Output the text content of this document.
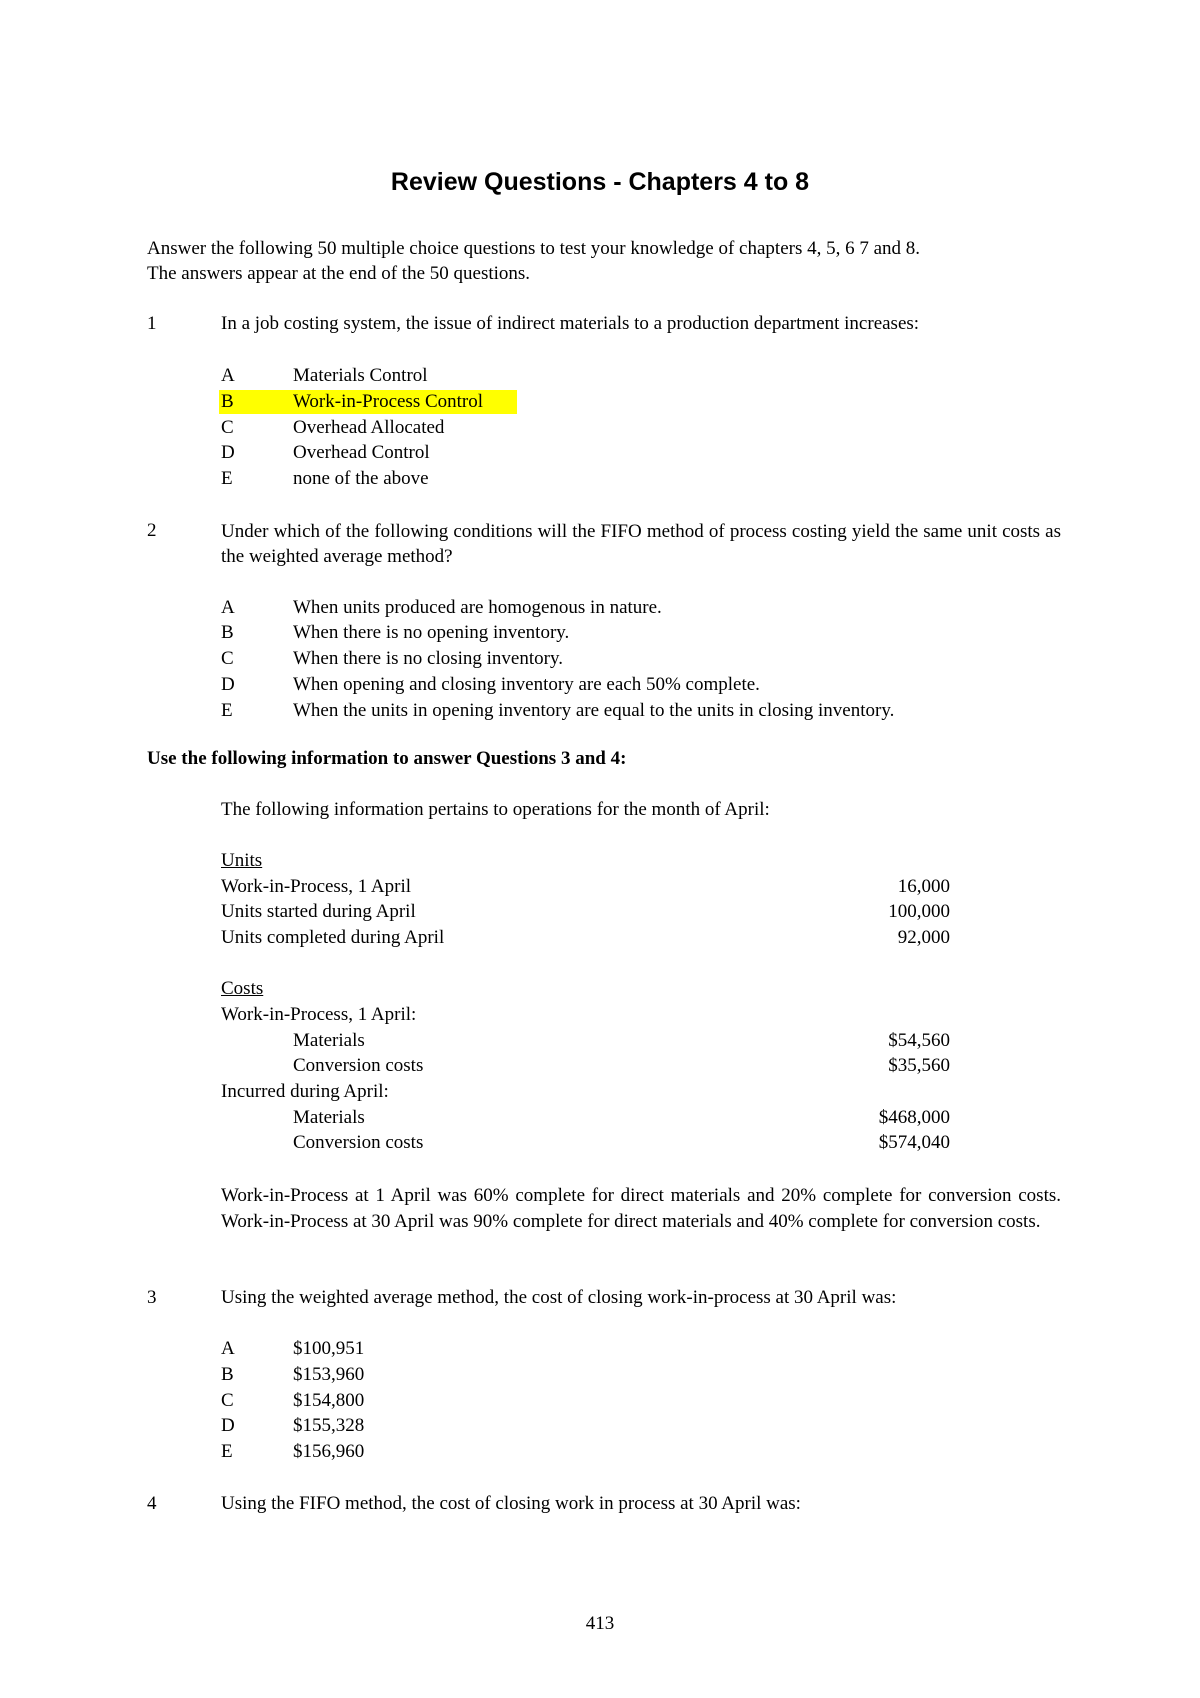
Review Questions - Chapters 4 to 8
Answer the following 50 multiple choice questions to test your knowledge of chapters 4, 5, 6 7 and 8.
The answers appear at the end of the 50 questions.
1	In a job costing system, the issue of indirect materials to a production department increases:
A	Materials Control
B	Work-in-Process Control
C	Overhead Allocated
D	Overhead Control
E	none of the above
2	Under which of the following conditions will the FIFO method of process costing yield the same unit costs as the weighted average method?
A	When units produced are homogenous in nature.
B	When there is no opening inventory.
C	When there is no closing inventory.
D	When opening and closing inventory are each 50% complete.
E	When the units in opening inventory are equal to the units in closing inventory.
Use the following information to answer Questions 3 and 4:
The following information pertains to operations for the month of April:
Units
Work-in-Process, 1 April	16,000
Units started during April	100,000
Units completed during April	92,000
Costs
Work-in-Process, 1 April:
Materials	$54,560
Conversion costs	$35,560
Incurred during April:
Materials	$468,000
Conversion costs	$574,040
Work-in-Process at 1 April was 60% complete for direct materials and 20% complete for conversion costs. Work-in-Process at 30 April was 90% complete for direct materials and 40% complete for conversion costs.
3	Using the weighted average method, the cost of closing work-in-process at 30 April was:
A	$100,951
B	$153,960
C	$154,800
D	$155,328
E	$156,960
4	Using the FIFO method, the cost of closing work in process at 30 April was:
413
